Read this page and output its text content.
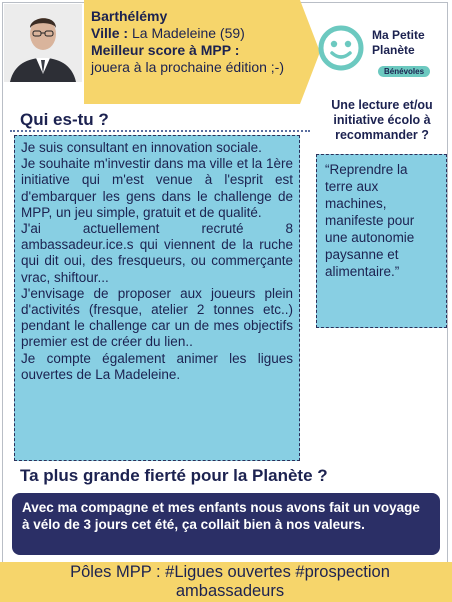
Barthélémy
Ville : La Madeleine (59)
Meilleur score à MPP :
jouera à la prochaine édition ;-)
Ma Petite
Planète
Bénévoles
Qui es-tu ?

Je suis consultant en innovation sociale.

Je souhaite m'investir dans ma ville et la 1ère initiative qui m'est venue à l'esprit est d'embarquer les gens dans le challenge de MPP, un jeu simple, gratuit et de qualité.

J'ai actuellement recruté 8 ambassadeur.ice.s qui viennent de la ruche qui dit oui, des fresqueurs, ou commerçante vrac, shiftour...

J'envisage de proposer aux joueurs plein d'activités (fresque, atelier 2 tonnes etc..) pendant le challenge car un de mes objectifs premier est de créer du lien..

Je compte également animer les ligues ouvertes de La Madeleine.

Une lecture et/ou initiative écolo à recommander ?

“Reprendre la terre aux machines, manifeste pour une autonomie paysanne et alimentaire.”

Ta plus grande fierté pour la Planète ?

Avec ma compagne et mes enfants nous avons fait un voyage à vélo de 3 jours cet été, ça collait bien à nos valeurs.

Pôles MPP : #Ligues ouvertes #prospection ambassadeurs
